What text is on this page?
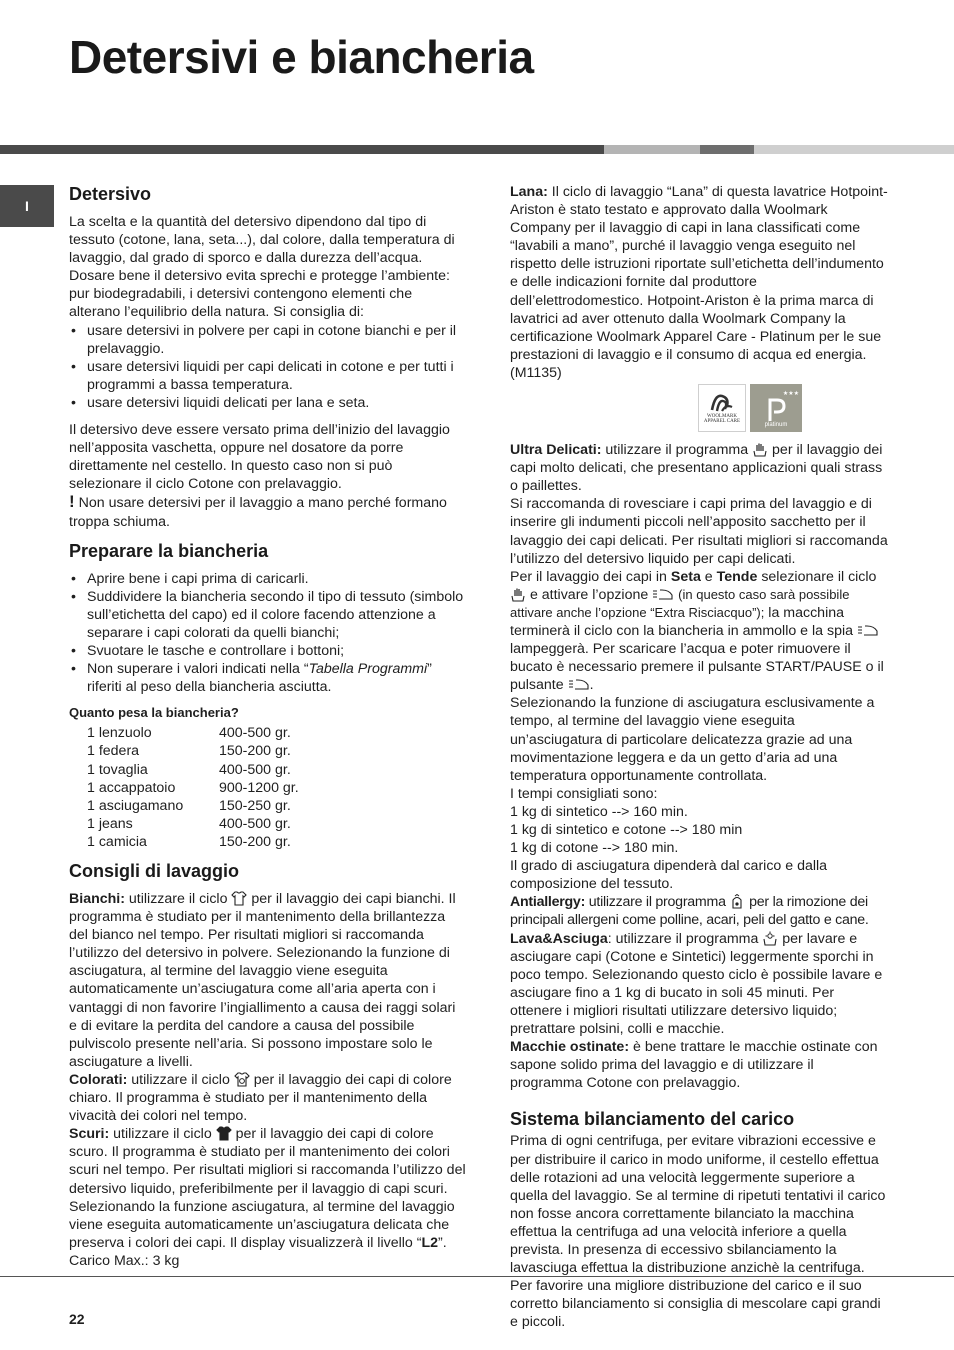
Detersivi e biancheria
I
Detersivo

La scelta e la quantità del detersivo dipendono dal tipo di tessuto (cotone, lana, seta...), dal colore, dalla temperatura di lavaggio, dal grado di sporco e dalla durezza dell’acqua. Dosare bene il detersivo evita sprechi e protegge l’ambiente: pur biodegradabili, i detersivi contengono elementi che alterano l’equilibrio della natura. Si consiglia di:

• usare detersivi in polvere per capi in cotone bianchi e per il prelavaggio.
• usare detersivi liquidi per capi delicati in cotone e per tutti i programmi a bassa temperatura.
• usare detersivi liquidi delicati per lana e seta.

Il detersivo deve essere versato prima dell’inizio del lavaggio nell’apposita vaschetta, oppure nel dosatore da porre direttamente nel cestello. In questo caso non si può selezionare il ciclo Cotone con prelavaggio.

! Non usare detersivi per il lavaggio a mano perché formano troppa schiuma.

Preparare la biancheria
• Aprire bene i capi prima di caricarli.
• Suddividere la biancheria secondo il tipo di tessuto (simbolo sull’etichetta del capo) ed il colore facendo attenzione a separare i capi colorati da quelli bianchi;
• Svuotare le tasche e controllare i bottoni;
• Non superare i valori indicati nella “Tabella Programmi” riferiti al peso della biancheria asciutta.
Quanto pesa la biancheria?
1 lenzuolo	400-500 gr.
1 federa	150-200 gr.
1 tovaglia	400-500 gr.
1 accappatoio	900-1200 gr.
1 asciugamano	150-250 gr.
1 jeans	400-500 gr.
1 camicia	150-200 gr.
Consigli di lavaggio

Bianchi: utilizzare il ciclo per il lavaggio dei capi bianchi. Il programma è studiato per il mantenimento della brillantezza del bianco nel tempo. Per risultati migliori si raccomanda l’utilizzo del detersivo in polvere. Selezionando la funzione di asciugatura, al termine del lavaggio viene eseguita automaticamente un’asciugatura come all’aria aperta con i vantaggi di non favorire l’ingiallimento a causa dei raggi solari e di evitare la perdita del candore a causa del possibile pulviscolo presente nell’aria. Si possono impostare solo le asciugature a livelli.

Colorati: utilizzare il ciclo per il lavaggio dei capi di colore chiaro. Il programma è studiato per il mantenimento della vivacità dei colori nel tempo.

Scuri: utilizzare il ciclo per il lavaggio dei capi di colore scuro. Il programma è studiato per il mantenimento dei colori scuri nel tempo. Per risultati migliori si raccomanda l’utilizzo del detersivo liquido, preferibilmente per il lavaggio di capi scuri. Selezionando la funzione asciugatura, al termine del lavaggio viene eseguita automaticamente un’asciugatura delicata che preserva i colori dei capi. Il display visualizzerà il livello “L2”. Carico Max.: 3 kg

Lana: Il ciclo di lavaggio “Lana” di questa lavatrice Hotpoint-Ariston è stato testato e approvato dalla Woolmark Company per il lavaggio di capi in lana classificati come “lavabili a mano”, purché il lavaggio venga eseguito nel rispetto delle istruzioni riportate sull’etichetta dell’indumento e delle indicazioni fornite dal produttore dell’elettrodomestico. Hotpoint-Ariston è la prima marca di lavatrici ad aver ottenuto dalla Woolmark Company la certificazione Woolmark Apparel Care - Platinum per le sue prestazioni di lavaggio e il consumo di acqua ed energia. (M1135)

WOOLMARK
APPAREL CARE
★★★
platinum

Ultra Delicati: utilizzare il programma per il lavaggio dei capi molto delicati, che presentano applicazioni quali strass o paillettes.

Si raccomanda di rovesciare i capi prima del lavaggio e di inserire gli indumenti piccoli nell’apposito sacchetto per il lavaggio dei capi delicati. Per risultati migliori si raccomanda l’utilizzo del detersivo liquido per capi delicati.

Per il lavaggio dei capi in Seta e Tende selezionare il ciclo
e attivare l’opzione (in questo caso sarà possibile attivare anche l’opzione “Extra Risciacquo”); la macchina terminerà il ciclo con la biancheria in ammollo e la spia
lampeggerà. Per scaricare l’acqua e poter rimuovere il bucato è necessario premere il pulsante START/PAUSE o il pulsante .

Selezionando la funzione di asciugatura esclusivamente a tempo, al termine del lavaggio viene eseguita un’asciugatura di particolare delicatezza grazie ad una movimentazione leggera e da un getto d’aria ad una temperatura opportunamente controllata.

I tempi consigliati sono:

1 kg di sintetico --> 160 min.

1 kg di sintetico e cotone --> 180 min

1 kg di cotone --> 180 min.

Il grado di asciugatura dipenderà dal carico e dalla composizione del tessuto.

Antiallergy: utilizzare il programma per la rimozione dei principali allergeni come polline, acari, peli del gatto e cane.

Lava&Asciuga: utilizzare il programma per lavare e asciugare capi (Cotone e Sintetici) leggermente sporchi in poco tempo. Selezionando questo ciclo è possibile lavare e asciugare fino a 1 kg di bucato in soli 45 minuti. Per ottenere i migliori risultati utilizzare detersivo liquido; pretrattare polsini, colli e macchie.

Macchie ostinate: è bene trattare le macchie ostinate con sapone solido prima del lavaggio e di utilizzare il programma Cotone con prelavaggio.

Sistema bilanciamento del carico

Prima di ogni centrifuga, per evitare vibrazioni eccessive e per distribuire il carico in modo uniforme, il cestello effettua delle rotazioni ad una velocità leggermente superiore a quella del lavaggio. Se al termine di ripetuti tentativi il carico non fosse ancora correttamente bilanciato la macchina effettua la centrifuga ad una velocità inferiore a quella prevista. In presenza di eccessivo sbilanciamento la lavasciuga effettua la distribuzione anzichè la centrifuga. Per favorire una migliore distribuzione del carico e il suo corretto bilanciamento si consiglia di mescolare capi grandi e piccoli.

22
